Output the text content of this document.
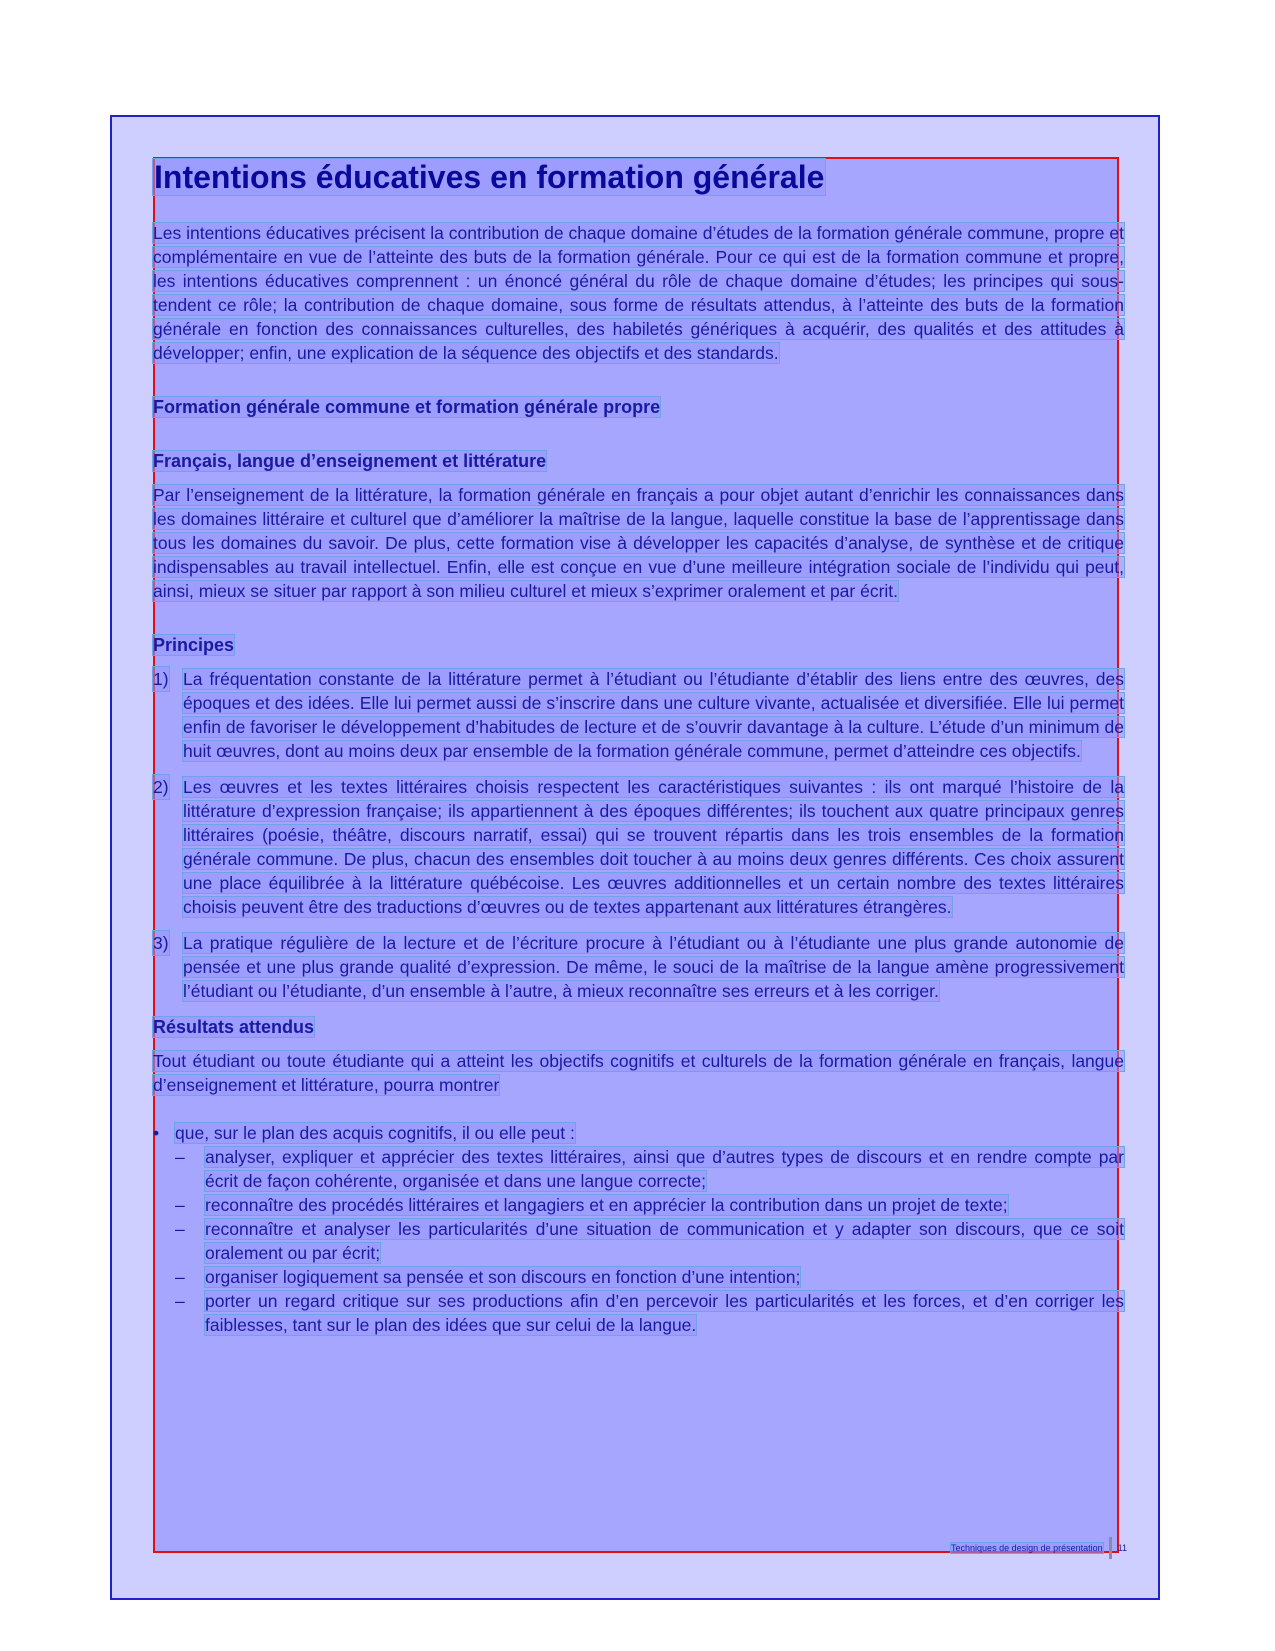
Intentions éducatives en formation générale

Les intentions éducatives précisent la contribution de chaque domaine d’études de la formation générale commune, propre et complémentaire en vue de l’atteinte des buts de la formation générale. Pour ce qui est de la formation commune et propre, les intentions éducatives comprennent : un énoncé général du rôle de chaque domaine d’études; les principes qui sous-tendent ce rôle; la contribution de chaque domaine, sous forme de résultats attendus, à l’atteinte des buts de la formation générale en fonction des connaissances culturelles, des habiletés génériques à acquérir, des qualités et des attitudes à développer; enfin, une explication de la séquence des objectifs et des standards.

Formation générale commune et formation générale propre

Français, langue d’enseignement et littérature

Par l’enseignement de la littérature, la formation générale en français a pour objet autant d’enrichir les connaissances dans les domaines littéraire et culturel que d’améliorer la maîtrise de la langue, laquelle constitue la base de l’apprentissage dans tous les domaines du savoir. De plus, cette formation vise à développer les capacités d’analyse, de synthèse et de critique indispensables au travail intellectuel. Enfin, elle est conçue en vue d’une meilleure intégration sociale de l’individu qui peut, ainsi, mieux se situer par rapport à son milieu culturel et mieux s’exprimer oralement et par écrit.

Principes

1) La fréquentation constante de la littérature permet à l’étudiant ou l’étudiante d’établir des liens entre des œuvres, des époques et des idées. Elle lui permet aussi de s’inscrire dans une culture vivante, actualisée et diversifiée. Elle lui permet enfin de favoriser le développement d’habitudes de lecture et de s’ouvrir davantage à la culture. L’étude d’un minimum de huit œuvres, dont au moins deux par ensemble de la formation générale commune, permet d’atteindre ces objectifs.
2) Les œuvres et les textes littéraires choisis respectent les caractéristiques suivantes : ils ont marqué l’histoire de la littérature d’expression française; ils appartiennent à des époques différentes; ils touchent aux quatre principaux genres littéraires (poésie, théâtre, discours narratif, essai) qui se trouvent répartis dans les trois ensembles de la formation générale commune. De plus, chacun des ensembles doit toucher à au moins deux genres différents. Ces choix assurent une place équilibrée à la littérature québécoise. Les œuvres additionnelles et un certain nombre des textes littéraires choisis peuvent être des traductions d’œuvres ou de textes appartenant aux littératures étrangères.
3) La pratique régulière de la lecture et de l’écriture procure à l’étudiant ou à l’étudiante une plus grande autonomie de pensée et une plus grande qualité d’expression. De même, le souci de la maîtrise de la langue amène progressivement l’étudiant ou l’étudiante, d’un ensemble à l’autre, à mieux reconnaître ses erreurs et à les corriger.

Résultats attendus

Tout étudiant ou toute étudiante qui a atteint les objectifs cognitifs et culturels de la formation générale en français, langue d’enseignement et littérature, pourra montrer

• que, sur le plan des acquis cognitifs, il ou elle peut :

– analyser, expliquer et apprécier des textes littéraires, ainsi que d’autres types de discours et en rendre compte par écrit de façon cohérente, organisée et dans une langue correcte;
– reconnaître des procédés littéraires et langagiers et en apprécier la contribution dans un projet de texte;
– reconnaître et analyser les particularités d’une situation de communication et y adapter son discours, que ce soit oralement ou par écrit;
– organiser logiquement sa pensée et son discours en fonction d’une intention;
– porter un regard critique sur ses productions afin d’en percevoir les particularités et les forces, et d’en corriger les faiblesses, tant sur le plan des idées que sur celui de la langue.
Techniques de design de présentation 11
